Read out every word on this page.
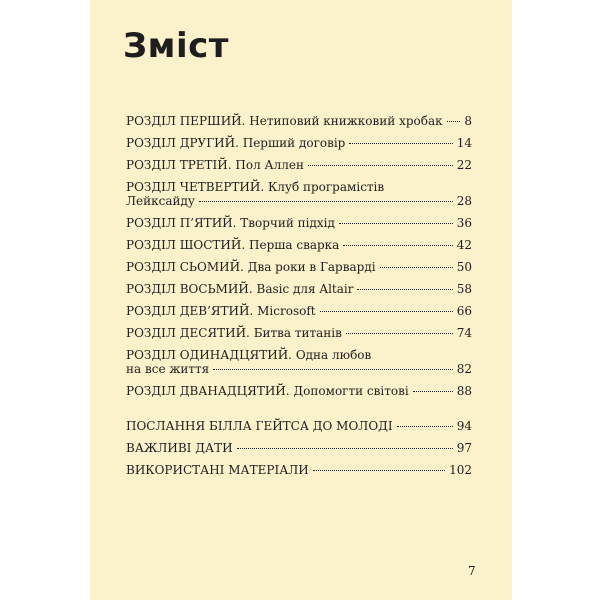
Зміст
РОЗДІЛ ПЕРШИЙ. Нетиповий книжковий хробак 8
РОЗДІЛ ДРУГИЙ. Перший договір	14
РОЗДІЛ ТРЕТІЙ. Пол Аллен	22
РОЗДІЛ ЧЕТВЕРТИЙ. Клуб програмістів
Лейксайду	28
РОЗДІЛ П’ЯТИЙ. Творчий підхід	36
РОЗДІЛ ШОСТИЙ. Перша сварка	42
РОЗДІЛ СЬОМИЙ. Два роки в Гарварді	50
РОЗДІЛ ВОСЬМИЙ. Basic для Altair	58
РОЗДІЛ ДЕВ’ЯТИЙ. Microsoft	66
РОЗДІЛ ДЕСЯТИЙ. Битва титанів	74
РОЗДІЛ ОДИНАДЦЯТИЙ. Одна любов
на все життя	82
РОЗДІЛ ДВАНАДЦЯТИЙ. Допомогти світові	88
ПОСЛАННЯ БІЛЛА ГЕЙТСА ДО МОЛОДІ	94
ВАЖЛИВІ ДАТИ	97
ВИКОРИСТАНІ МАТЕРІАЛИ	102
7
